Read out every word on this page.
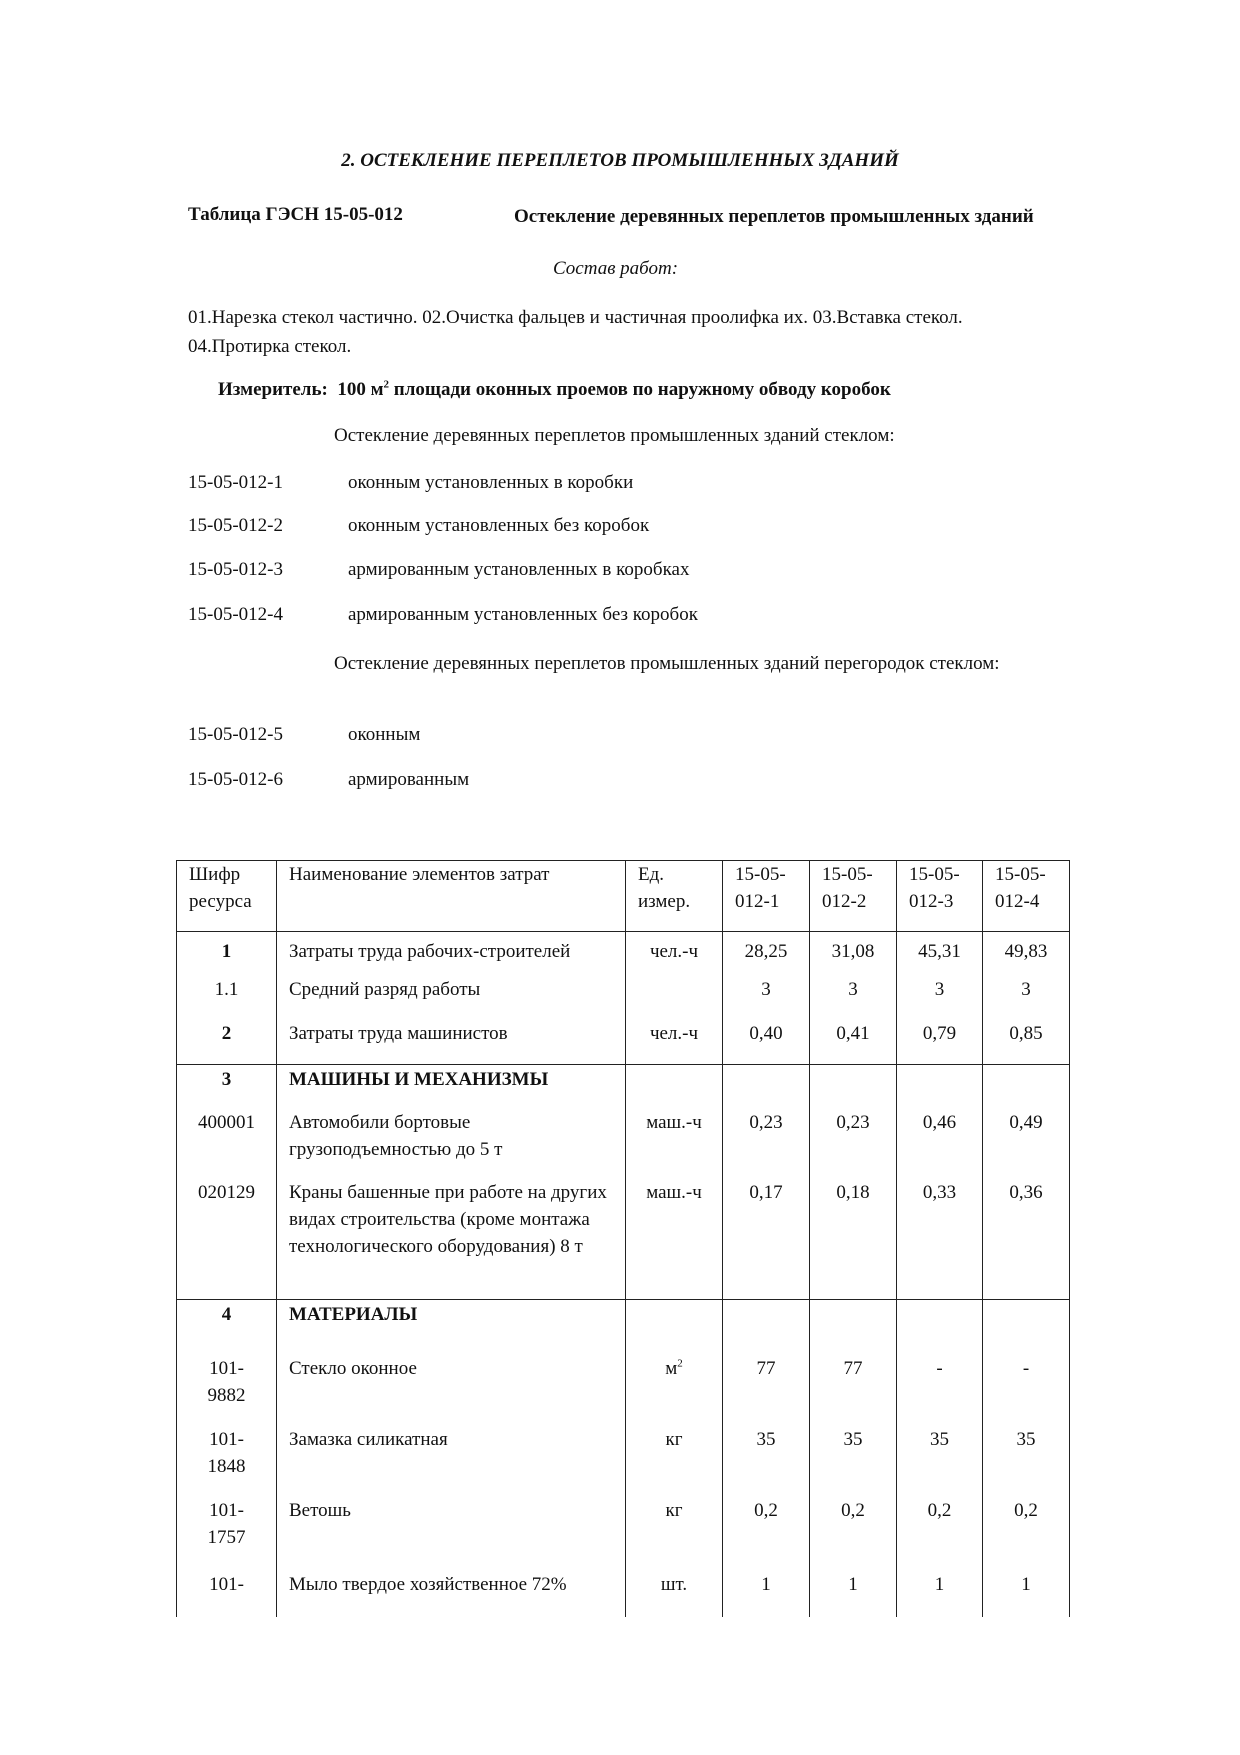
2. ОСТЕКЛЕНИЕ ПЕРЕПЛЕТОВ ПРОМЫШЛЕННЫХ ЗДАНИЙ
Таблица ГЭСН 15-05-012	Остекление деревянных переплетов промышленных зданий
Состав работ:
01.Нарезка стекол частично. 02.Очистка фальцев и частичная проолифка их. 03.Вставка стекол. 04.Протирка стекол.
Измеритель: 100 $м^2$ площади оконных проемов по наружному обводу коробок
Остекление деревянных переплетов промышленных зданий стеклом:
15-05-012-1	оконным установленных в коробки
15-05-012-2	оконным установленных без коробок
15-05-012-3	армированным установленных в коробках
15-05-012-4	армированным установленных без коробок
Остекление деревянных переплетов промышленных зданий перегородок стеклом:
15-05-012-5	оконным
15-05-012-6	армированным
Шифр ресурса	Наименование элементов затрат	Ед. измер.	15-05-012-1	15-05-012-2	15-05-012-3	15-05-012-4
1	Затраты труда рабочих-строителей	чел.-ч	28,25	31,08	45,31	49,83
1.1	Средний разряд работы		3	3	3	3
2	Затраты труда машинистов	чел.-ч	0,40	0,41	0,79	0,85
3	МАШИНЫ И МЕХАНИЗМЫ					
400001	Автомобили бортовые грузоподъемностью до 5 т	маш.-ч	0,23	0,23	0,46	0,49
020129	Краны башенные при работе на других видах строительства (кроме монтажа технологического оборудования) 8 т	маш.-ч	0,17	0,18	0,33	0,36
4	МАТЕРИАЛЫ					
101-9882	Стекло оконное	$м^2$	77	77	-	-
101-1848	Замазка силикатная	кг	35	35	35	35
101-1757	Ветошь	кг	0,2	0,2	0,2	0,2
101-	Мыло твердое хозяйственное 72%	шт.	1	1	1	1
